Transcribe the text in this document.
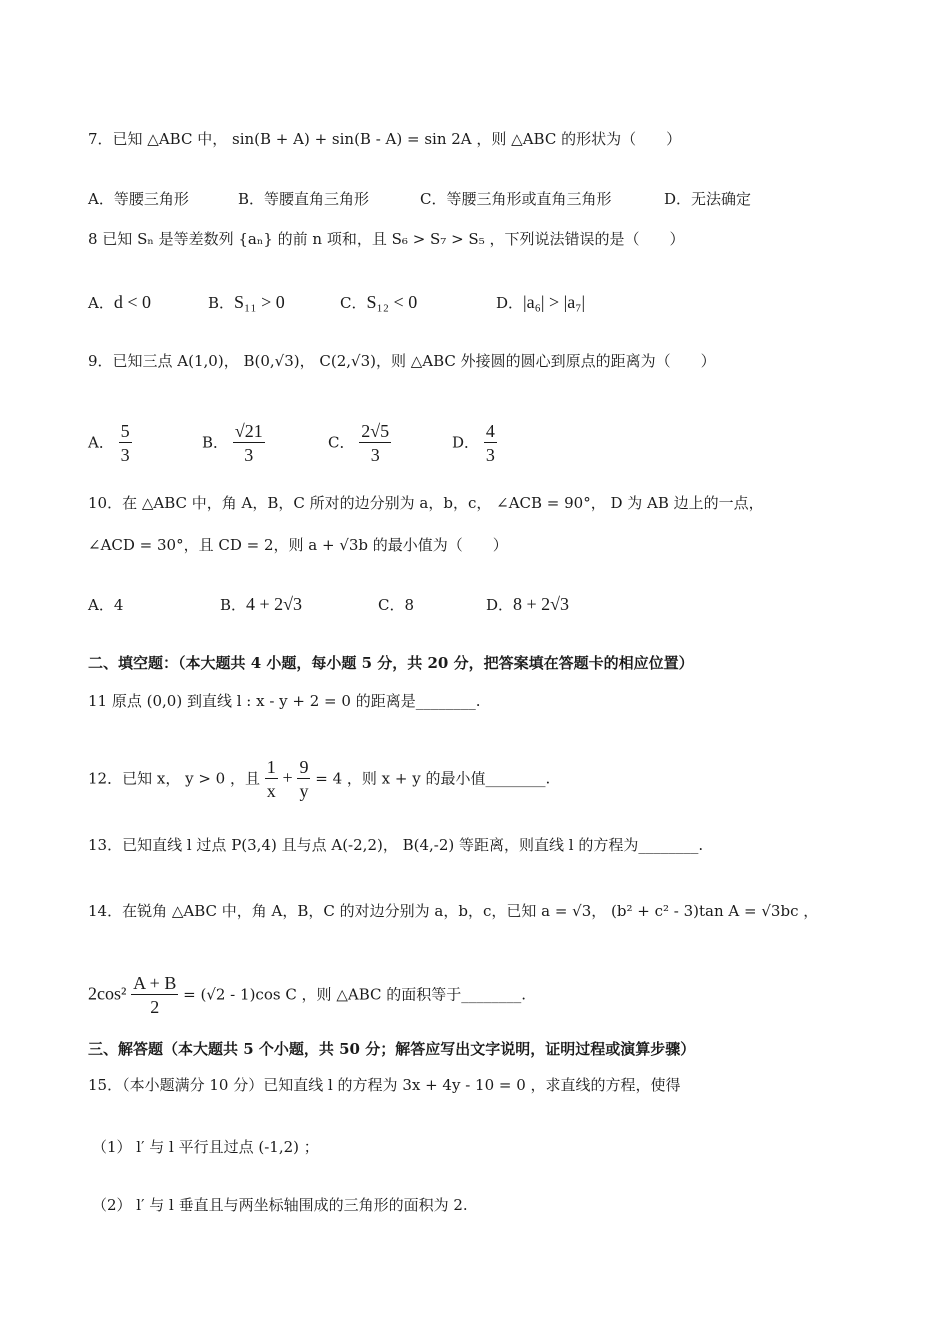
7．已知 △ABC 中， sin(B + A) + sin(B - A) = sin 2A ，则 △ABC 的形状为（　　）
A．等腰三角形	B．等腰直角三角形	C．等腰三角形或直角三角形	D．无法确定
8 已知 Sₙ 是等差数列 {aₙ} 的前 n 项和，且 S₆ > S₇ > S₅ ，下列说法错误的是（　　）
A．d < 0	B．S₁₁ > 0	C．S₁₂ < 0	D．|a₆| > |a₇|
9．已知三点 A(1,0)， B(0,√3)， C(2,√3)，则 △ABC 外接圆的圆心到原点的距离为（　　）
A． $\frac{5}{3}$	B． $\frac{√21}{3}$	C． $\frac{2√5}{3}$	D． $\frac{4}{3}$
10．在 △ABC 中，角 A，B，C 所对的边分别为 a，b，c， ∠ACB = 90°， D 为 AB 边上的一点，
∠ACD = 30°，且 CD = 2，则 a + √3b 的最小值为（　　）
A．4	B．4 + 2√3	C．8	D．8 + 2√3
二、填空题：（本大题共 4 小题，每小题 5 分，共 20 分，把答案填在答题卡的相应位置）
11 原点 (0,0) 到直线 l : x - y + 2 = 0 的距离是________.
12．已知 x， y > 0 ，且 $\frac{1}{x} + \frac{9}{y} = 4$ ，则 x + y 的最小值________.
13．已知直线 l 过点 P(3,4) 且与点 A(-2,2)， B(4,-2) 等距离，则直线 l 的方程为________.
14．在锐角 △ABC 中，角 A，B，C 的对边分别为 a，b，c，已知 a = √3， (b² + c² - 3)tan A = √3bc ，
$2\cos^2 \frac{A + B}{2} = (√2 - 1)\cos$ C ，则 △ABC 的面积等于________.
三、解答题（本大题共 5 个小题，共 50 分；解答应写出文字说明，证明过程或演算步骤）
15．（本小题满分 10 分）已知直线 l 的方程为 3x + 4y - 10 = 0 ，求直线的方程，使得
（1） l′ 与 l 平行且过点 (-1,2) ；
（2） l′ 与 l 垂直且与两坐标轴围成的三角形的面积为 2.
